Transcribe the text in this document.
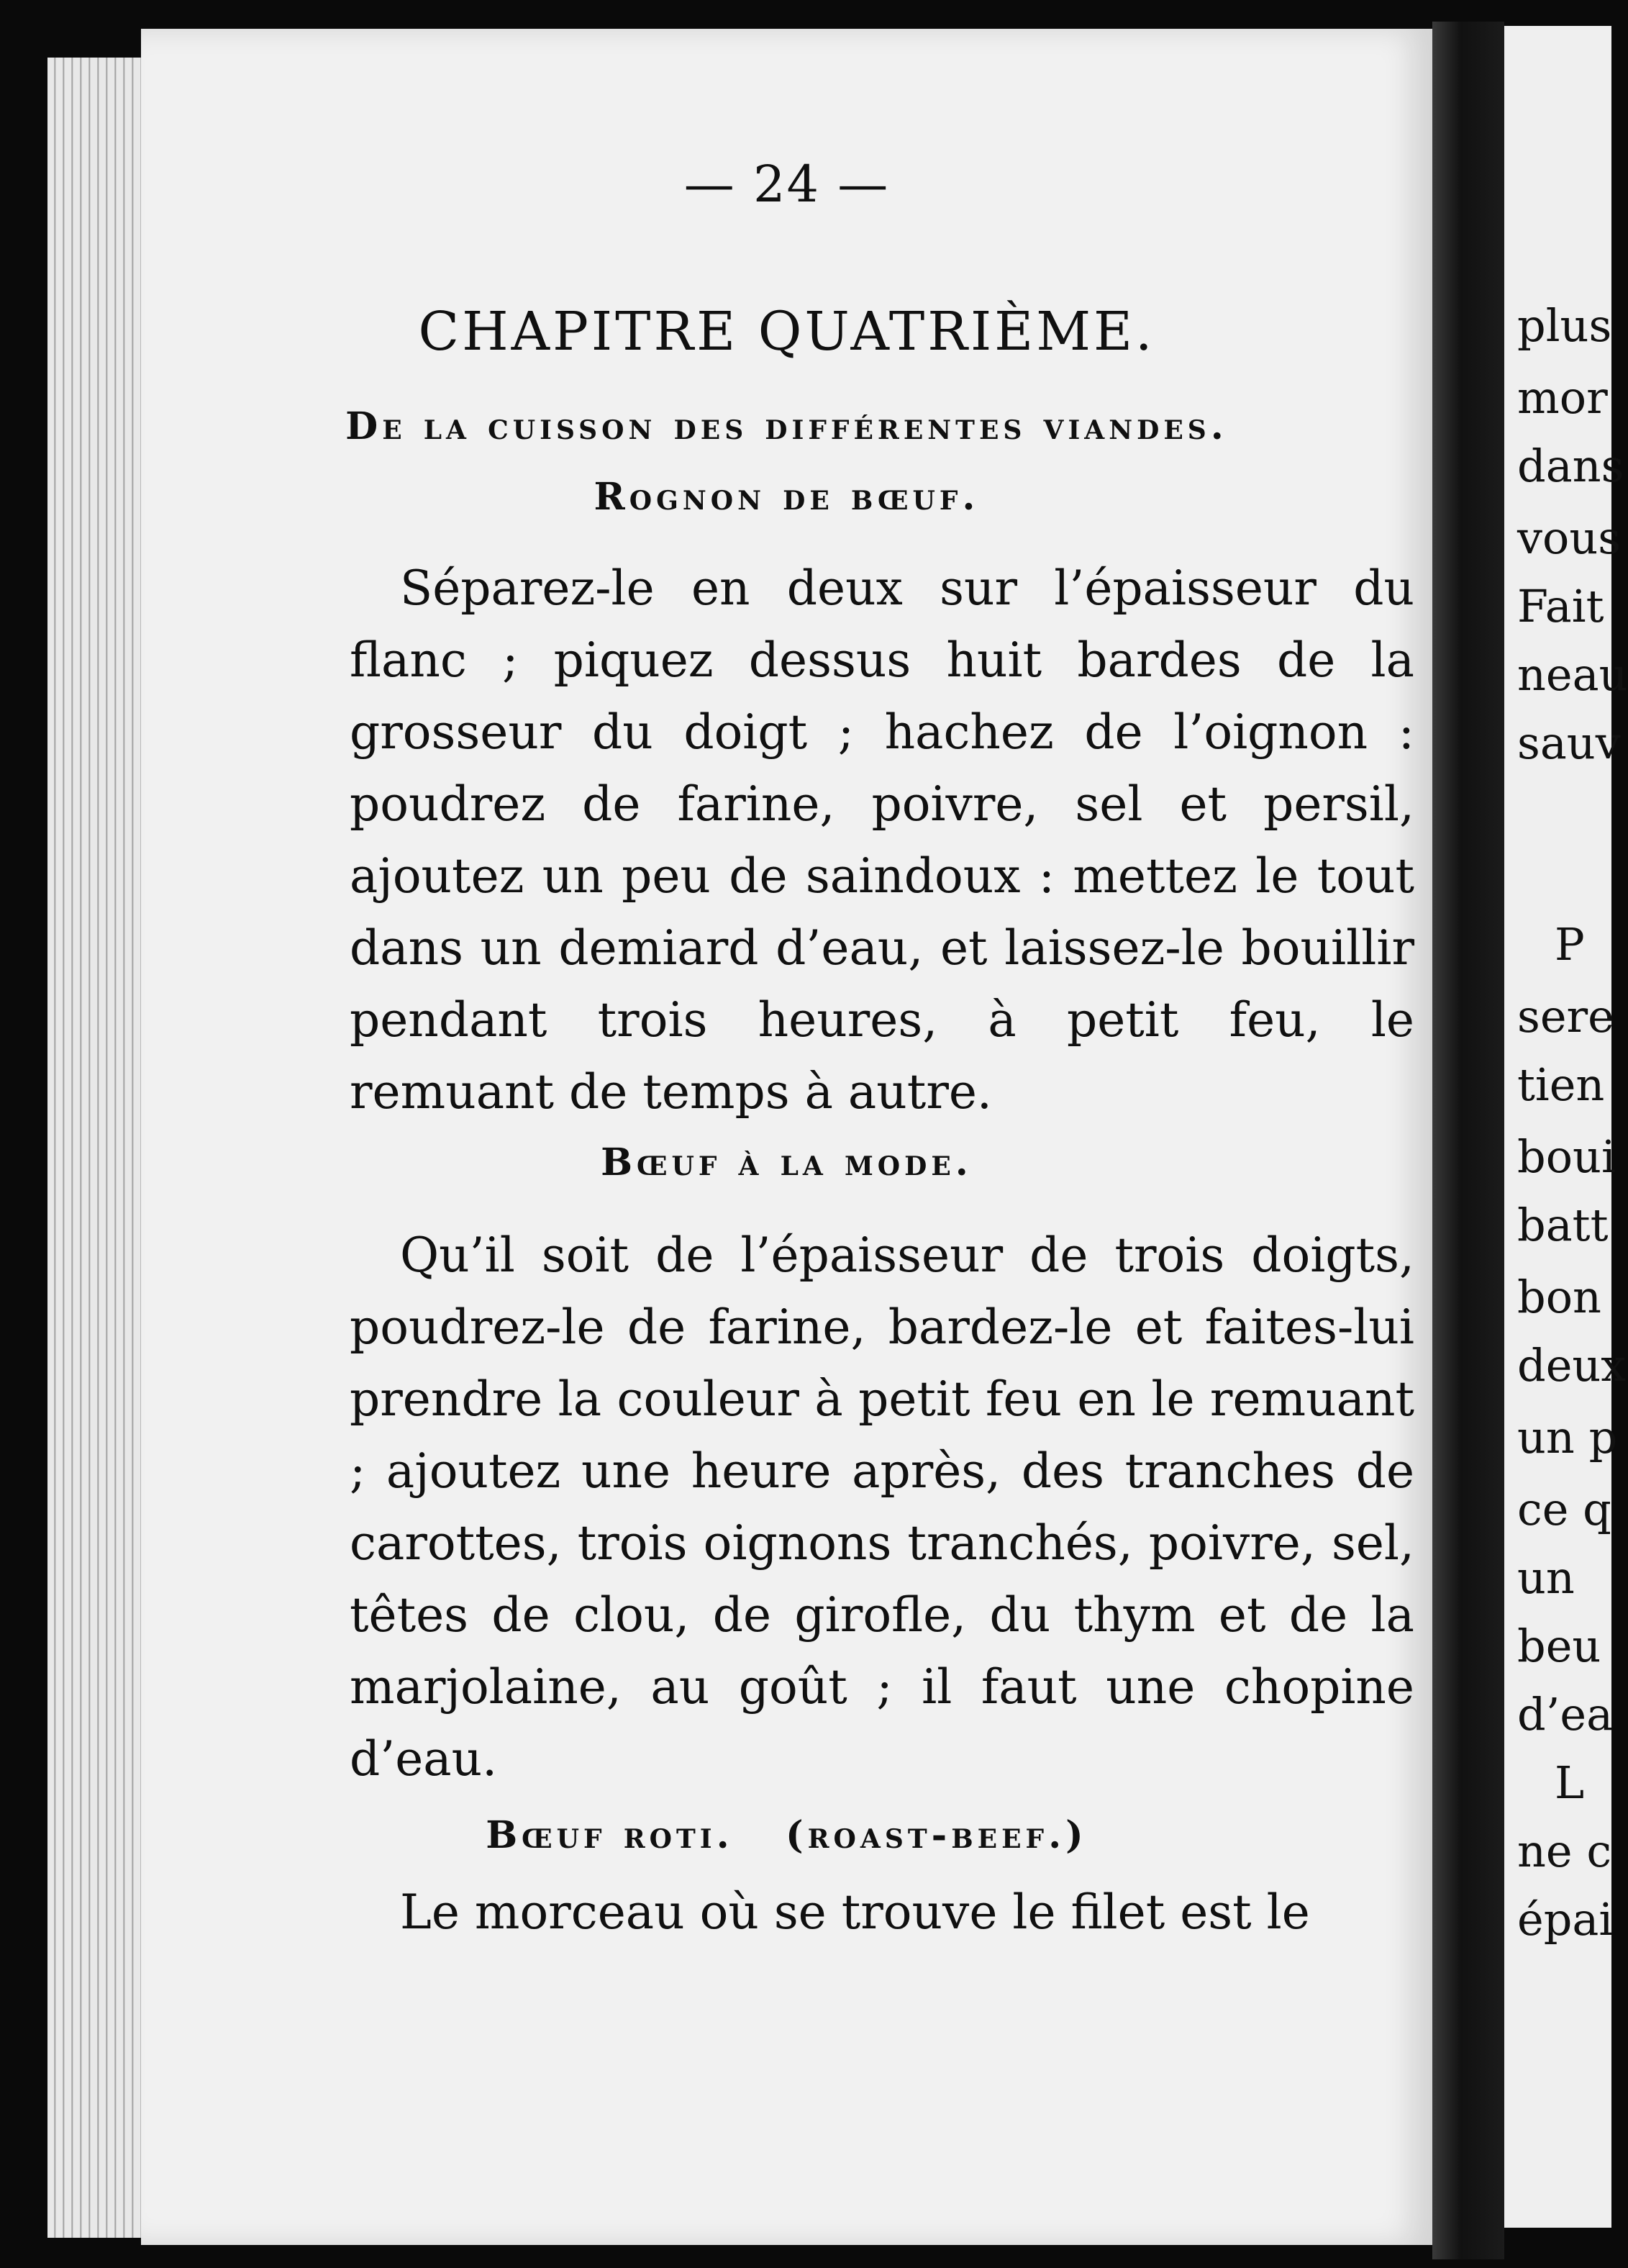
— 24 —
CHAPITRE QUATRIÈME.
De la cuisson des différentes viandes.
Rognon de bœuf.

Séparez-le en deux sur l’épaisseur du flanc ; piquez dessus huit bardes de la grosseur du doigt ; hachez de l’oignon : poudrez de farine, poivre, sel et persil, ajoutez un peu de saindoux : mettez le tout dans un demiard d’eau, et laissez-le bouillir pendant trois heures, à petit feu, le remuant de temps à autre.

Bœuf à la mode.

Qu’il soit de l’épaisseur de trois doigts, poudrez-le de farine, bardez-le et faites-lui prendre la couleur à petit feu en le remuant ; ajoutez une heure après, des tranches de carottes, trois oignons tranchés, poivre, sel, têtes de clou, de girofle, du thym et de la marjolaine, au goût ; il faut une chopine d’eau.

Bœuf roti.   (roast-beef.)

Le morceau où se trouve le filet est le

plus
mor
dans
vous
Fait
neau
sauv
P
sere
tien
boui
batt
bon
deux
un p
ce q
un
beu
d’ea
L
ne c
épai
